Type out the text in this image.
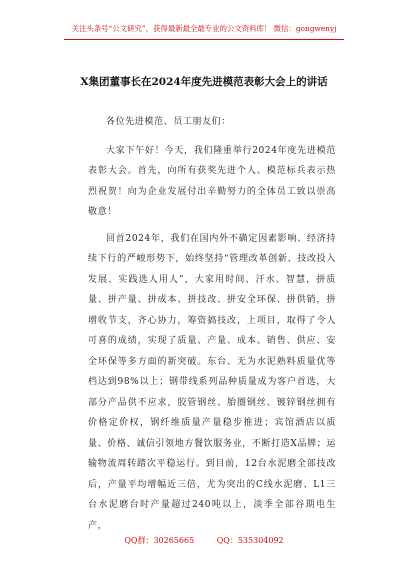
关注头条号“公文研究”，获得最新最全最专业的公文资料库！ 微信：gongwenyj
X集团董事长在2024年度先进模范表彰大会上的讲话

各位先进模范、员工朋友们：

大家下午好！今天，我们隆重举行2024年度先进模范表彰大会。首先，向所有获奖先进个人、模范标兵表示热烈祝贺！向为企业发展付出辛勤努力的全体员工致以崇高敬意！

回首2024年，我们在国内外不确定因素影响、经济持续下行的严峻形势下，始终坚持“管理改革创新、技改投入发展、实践选人用人”，大家用时间、汗水、智慧，拼质量、拼产量、拼成本、拼技改、拼安全环保、拼供销，拼增收节支，齐心协力，筹资搞技改，上项目，取得了令人可喜的成绩，实现了质量、产量、成本、销售、供应、安全环保等多方面的新突破。东台、无为水泥熟料质量优等档达到98%以上；钢带线系列品种质量成为客户首选，大部分产品供不应求，胶管钢丝、胎圈钢丝、镀锌钢丝拥有价格定价权，钢纤维质量产量稳步推进；宾馆酒店以质量、价格、诚信引领地方餐饮服务业，不断打造X品牌；运输物流周转踏次平稳运行。到目前，12台水泥磨全部技改后，产量平均增幅近三倍，尤为突出的C线水泥磨、L1三台水泥磨台时产量超过240吨以上，淡季全部谷期电生产，

QQ群：30265665	QQ：535304092
